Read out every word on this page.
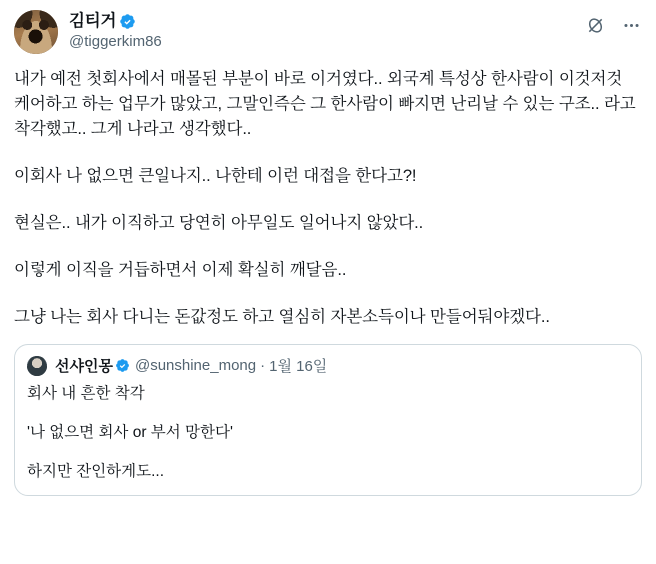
김티거
@tiggerkim86

내가 예전 첫회사에서 매몰된 부분이 바로 이거였다.. 외국계 특성상 한사람이 이것저것 케어하고 하는 업무가 많았고, 그말인즉슨 그 한사람이 빠지면 난리날 수 있는 구조.. 라고 착각했고.. 그게 나라고 생각했다..

이회사 나 없으면 큰일나지.. 나한테 이런 대접을 한다고?!

현실은.. 내가 이직하고 당연히 아무일도 일어나지 않았다..

이렇게 이직을 거듭하면서 이제 확실히 깨달음..

그냥 나는 회사 다니는 돈값정도 하고 열심히 자본소득이나 만들어둬야겠다..

선샤인몽 @sunshine_mong · 1월 16일

회사 내 흔한 착각

'나 없으면 회사 or 부서 망한다'

하지만 잔인하게도...
